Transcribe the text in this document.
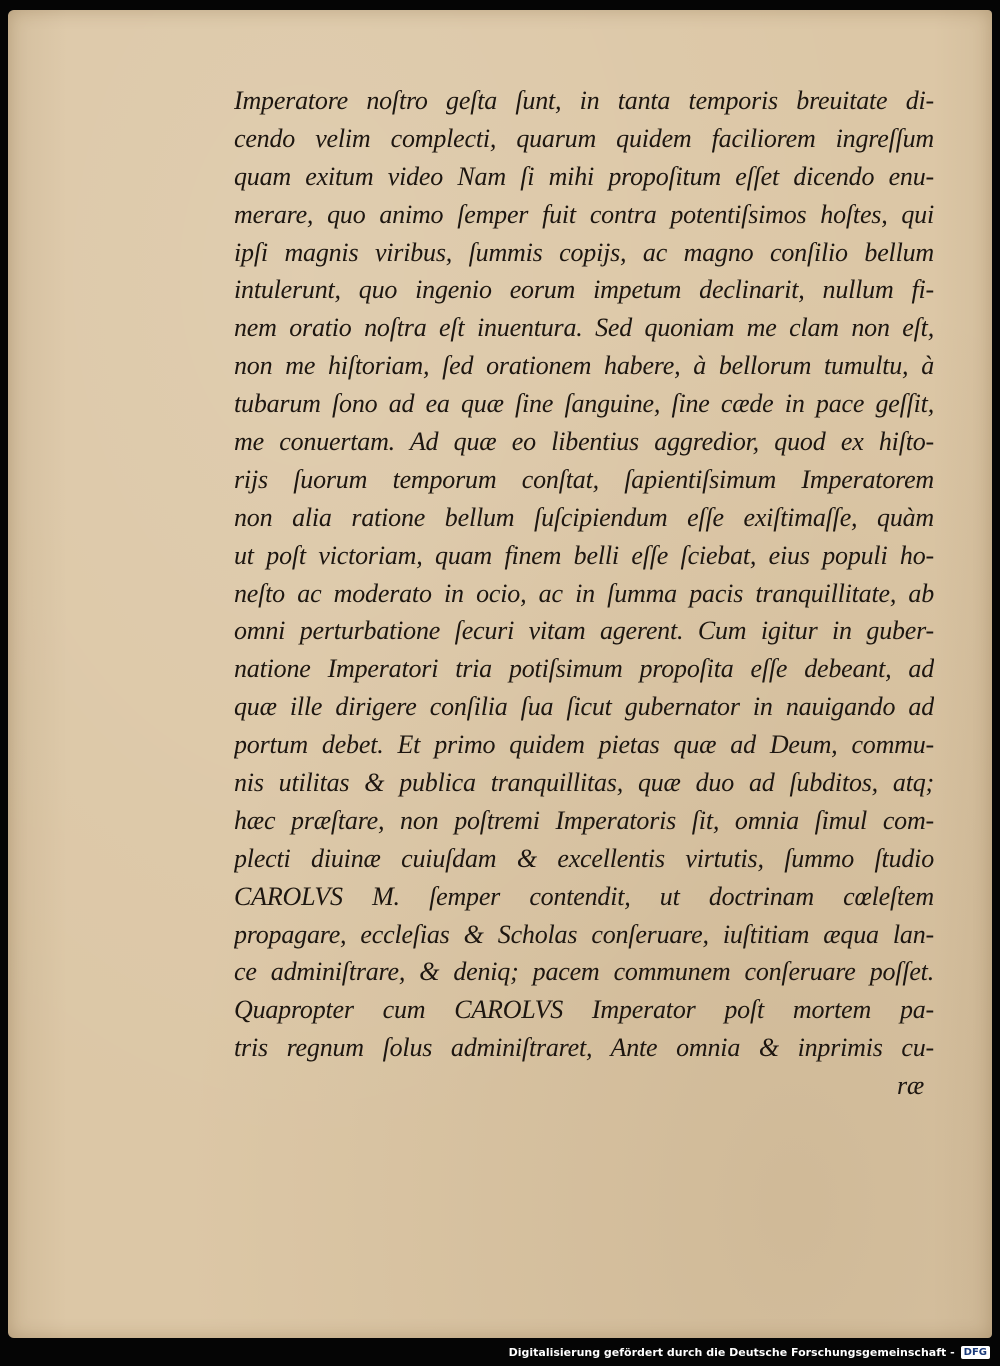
Imperatore noſtro geſta ſunt, in tanta temporis breuitate di-
cendo velim complecti, quarum quidem faciliorem ingreſſum
quam exitum video Nam ſi mihi propoſitum eſſet dicendo enu-
merare, quo animo ſemper fuit contra potentiſsimos hoſtes, qui
ipſi magnis viribus, ſummis copijs, ac magno conſilio bellum
intulerunt, quo ingenio eorum impetum declinarit, nullum fi-
nem oratio noſtra eſt inuentura. Sed quoniam me clam non eſt,
non me hiſtoriam, ſed orationem habere, à bellorum tumultu, à
tubarum ſono ad ea quæ ſine ſanguine, ſine cæde in pace geſſit,
me conuertam. Ad quæ eo libentius aggredior, quod ex hiſto-
rijs ſuorum temporum conſtat, ſapientiſsimum Imperatorem
non alia ratione bellum ſuſcipiendum eſſe exiſtimaſſe, quàm
ut poſt victoriam, quam finem belli eſſe ſciebat, eius populi ho-
neſto ac moderato in ocio, ac in ſumma pacis tranquillitate, ab
omni perturbatione ſecuri vitam agerent. Cum igitur in guber-
natione Imperatori tria potiſsimum propoſita eſſe debeant, ad
quæ ille dirigere conſilia ſua ſicut gubernator in nauigando ad
portum debet. Et primo quidem pietas quæ ad Deum, commu-
nis utilitas & publica tranquillitas, quæ duo ad ſubditos, atq;
hæc præſtare, non poſtremi Imperatoris ſit, omnia ſimul com-
plecti diuinæ cuiuſdam & excellentis virtutis, ſummo ſtudio
CAROLVS M. ſemper contendit, ut doctrinam cœleſtem
propagare, eccleſias & Scholas conſeruare, iuſtitiam æqua lan-
ce adminiſtrare, & deniq; pacem communem conſeruare poſſet.
Quapropter cum CAROLVS Imperator poſt mortem pa-
tris regnum ſolus adminiſtraret, Ante omnia & inprimis cu-
ræ
Digitalisierung gefördert durch die Deutsche Forschungsgemeinschaft - DFG
